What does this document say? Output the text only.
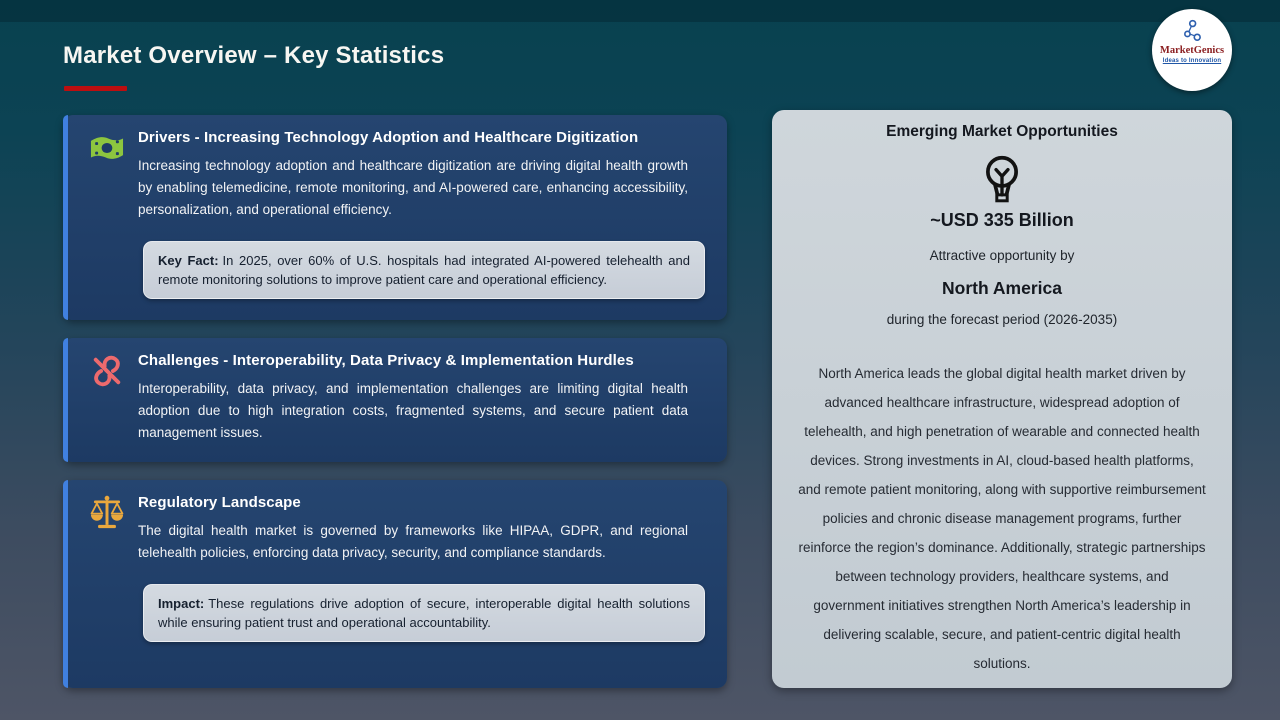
Market Overview – Key Statistics	MarketGenics
Ideas to Innovation
Drivers - Increasing Technology Adoption and Healthcare Digitization
Increasing technology adoption and healthcare digitization are driving digital health growth by enabling telemedicine, remote monitoring, and AI-powered care, enhancing accessibility, personalization, and operational efficiency.
Key Fact: In 2025, over 60% of U.S. hospitals had integrated AI-powered telehealth and remote monitoring solutions to improve patient care and operational efficiency.
Challenges - Interoperability, Data Privacy & Implementation Hurdles
Interoperability, data privacy, and implementation challenges are limiting digital health adoption due to high integration costs, fragmented systems, and secure patient data management issues.
Regulatory Landscape
The digital health market is governed by frameworks like HIPAA, GDPR, and regional telehealth policies, enforcing data privacy, security, and compliance standards.
Impact: These regulations drive adoption of secure, interoperable digital health solutions while ensuring patient trust and operational accountability.
Emerging Market Opportunities
~USD 335 Billion
Attractive opportunity by
North America
during the forecast period (2026-2035)
North America leads the global digital health market driven by advanced healthcare infrastructure, widespread adoption of telehealth, and high penetration of wearable and connected health devices. Strong investments in AI, cloud-based health platforms, and remote patient monitoring, along with supportive reimbursement policies and chronic disease management programs, further reinforce the region’s dominance. Additionally, strategic partnerships between technology providers, healthcare systems, and government initiatives strengthen North America’s leadership in delivering scalable, secure, and patient-centric digital health solutions.
